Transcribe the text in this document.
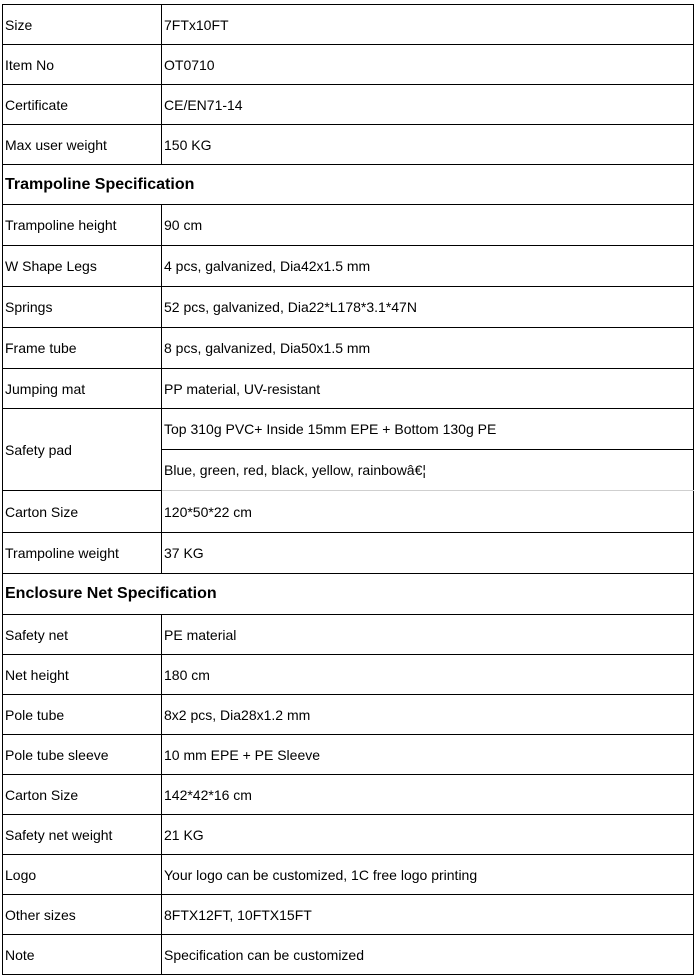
Size	7FTx10FT
Item No	OT0710
Certificate	CE/EN71-14
Max user weight	150 KG
Trampoline Specification	
Trampoline height	90 cm
W Shape Legs	4 pcs, galvanized, Dia42x1.5 mm
Springs	52 pcs, galvanized, Dia22*L178*3.1*47N
Frame tube	8 pcs, galvanized, Dia50x1.5 mm
Jumping mat	PP material, UV-resistant
Safety pad	Top 310g PVC+ Inside 15mm EPE + Bottom 130g PE
	Blue, green, red, black, yellow, rainbowâ€¦
Carton Size	120*50*22 cm
Trampoline weight	37 KG
Enclosure Net Specification	
Safety net	PE material
Net height	180 cm
Pole tube	8x2 pcs, Dia28x1.2 mm
Pole tube sleeve	10 mm EPE + PE Sleeve
Carton Size	142*42*16 cm
Safety net weight	21 KG
Logo	Your logo can be customized, 1C free logo printing
Other sizes	8FTX12FT, 10FTX15FT
Note	Specification can be customized
